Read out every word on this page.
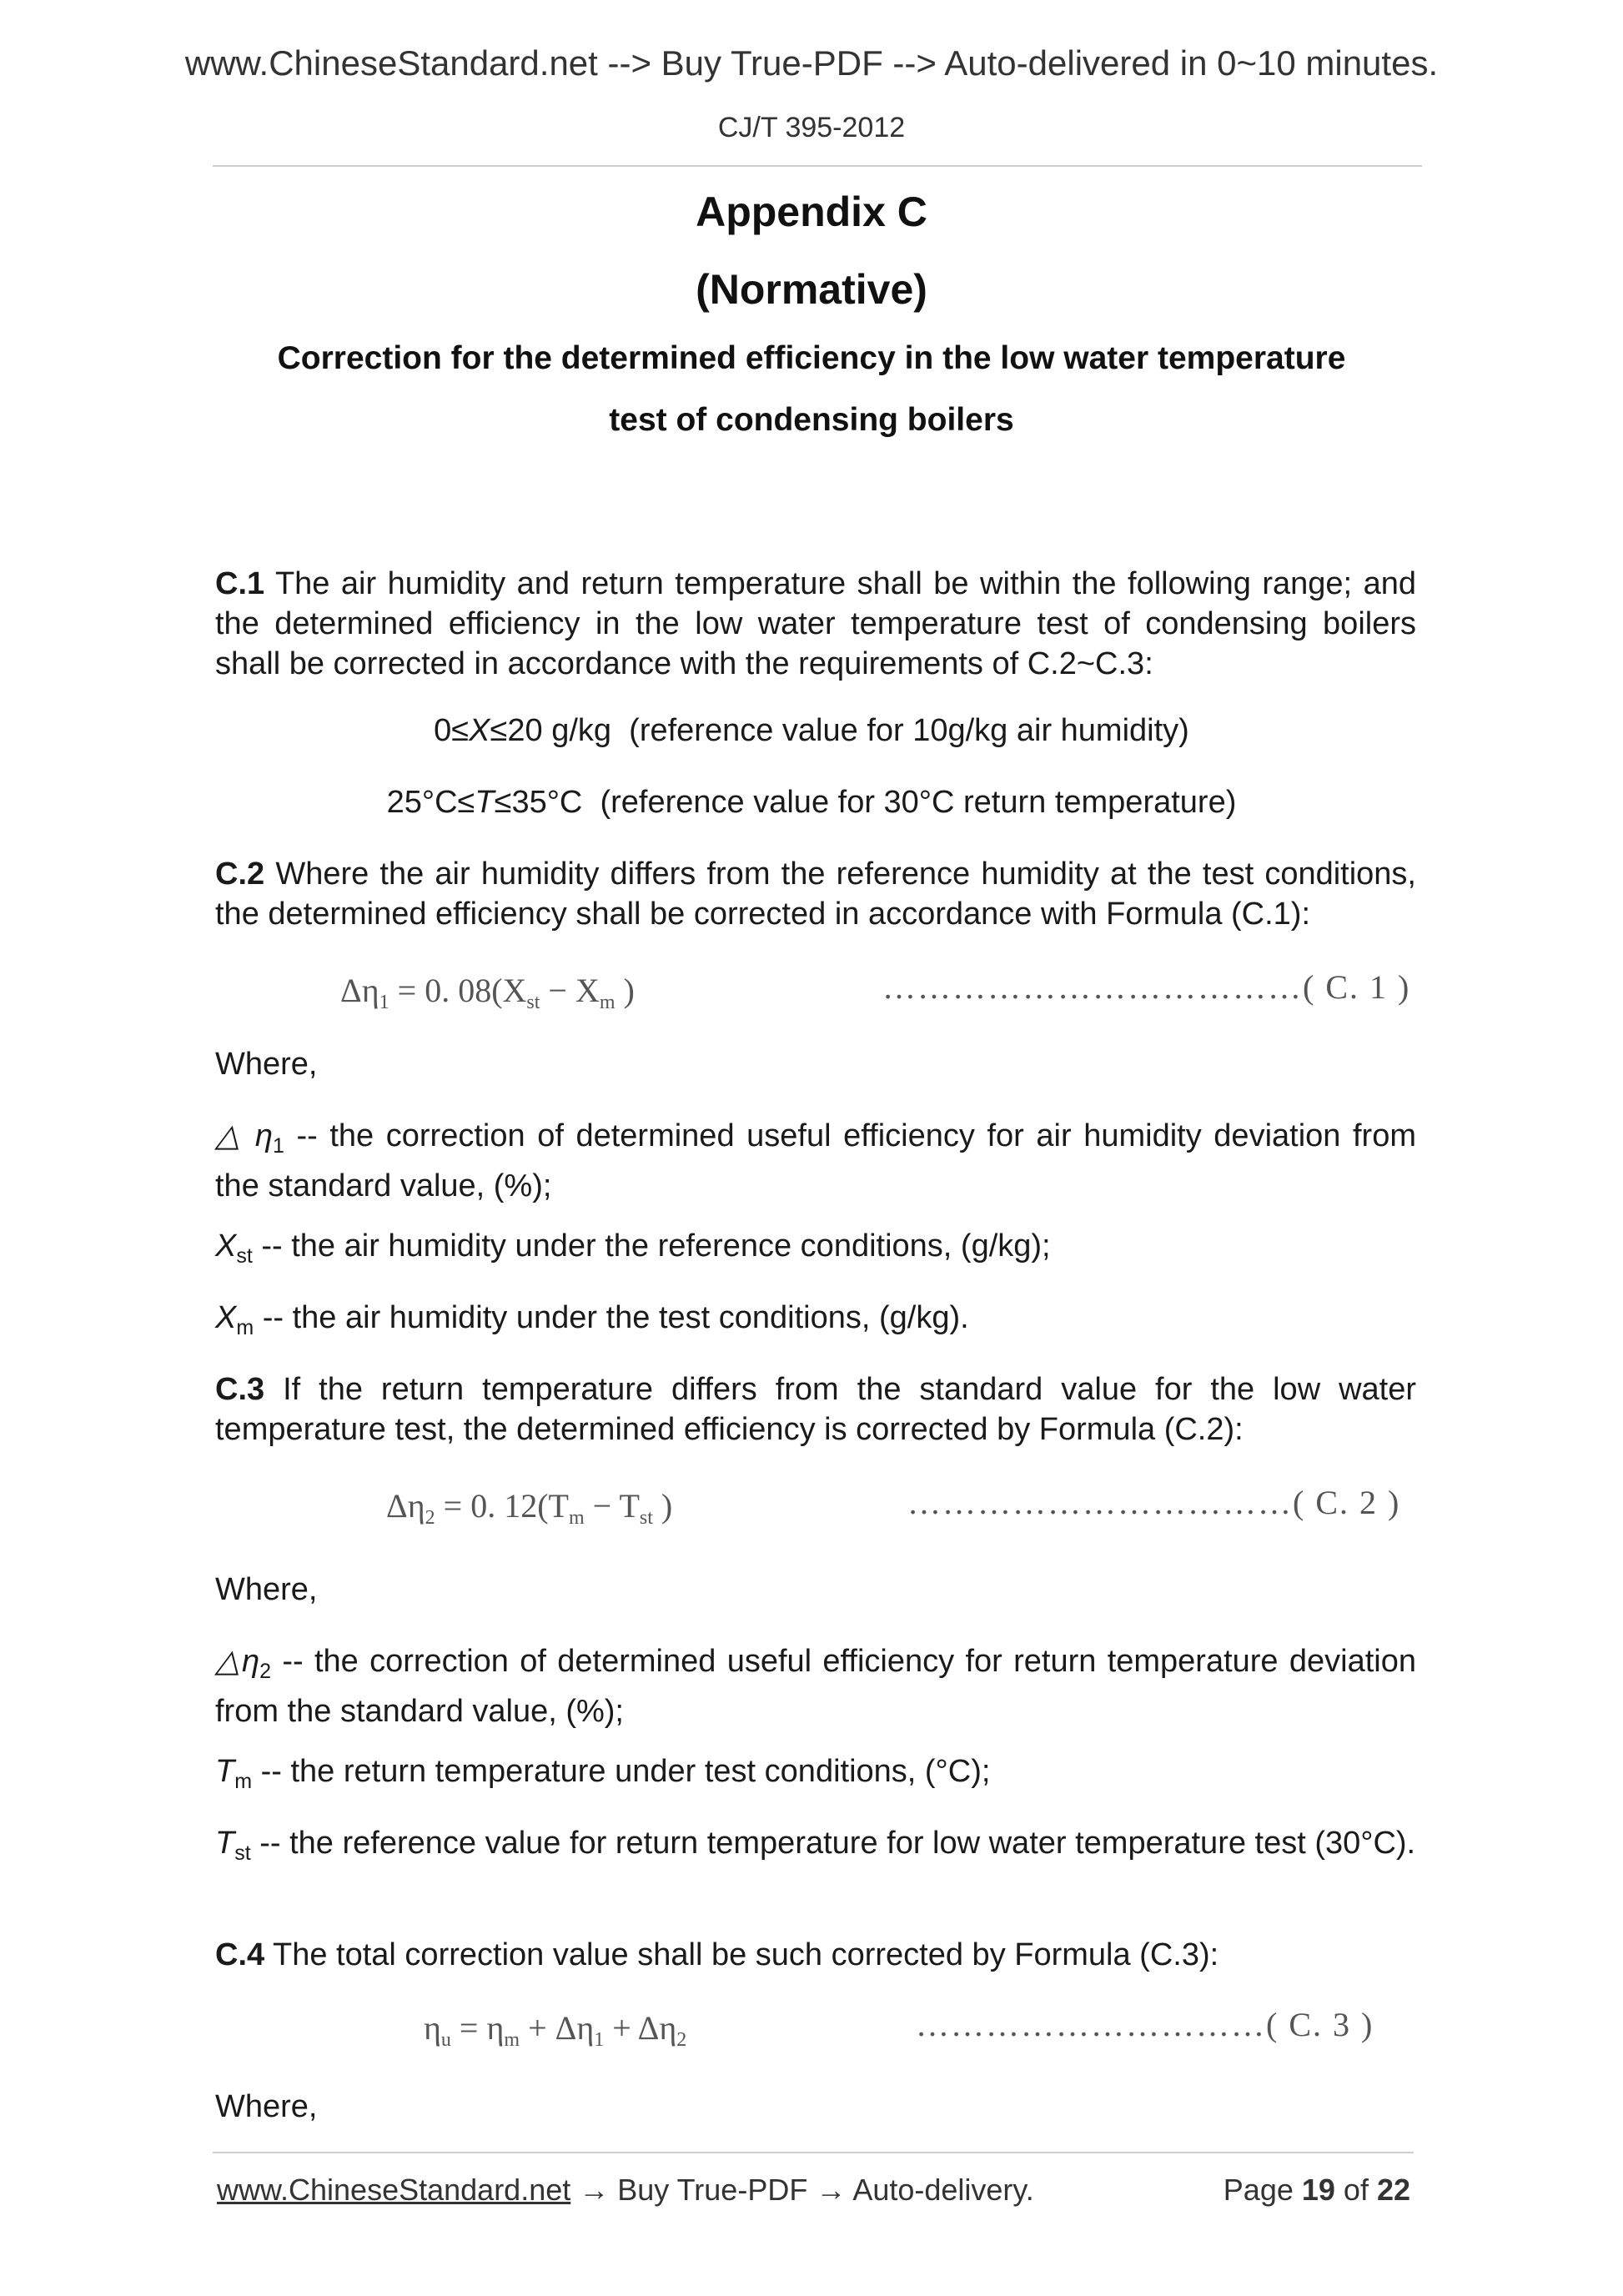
www.ChineseStandard.net --> Buy True-PDF --> Auto-delivered in 0~10 minutes.
CJ/T 395-2012
Appendix C
(Normative)
Correction for the determined efficiency in the low water temperature
test of condensing boilers
C.1 The air humidity and return temperature shall be within the following range; and the determined efficiency in the low water temperature test of condensing boilers shall be corrected in accordance with the requirements of C.2~C.3:
0≤X≤20 g/kg (reference value for 10g/kg air humidity)
25°C≤T≤35°C (reference value for 30°C return temperature)
C.2 Where the air humidity differs from the reference humidity at the test conditions, the determined efficiency shall be corrected in accordance with Formula (C.1):
$\Delta\eta_1 = 0$. $08(X_{st} - X_m$ )	………………………………( C. 1 )
Where,
△ $\eta_1$ -- the correction of determined useful efficiency for air humidity deviation from the standard value, (%);
$X_{st}$ -- the air humidity under the reference conditions, (g/kg);
$X_m$ -- the air humidity under the test conditions, (g/kg).
C.3 If the return temperature differs from the standard value for the low water temperature test, the determined efficiency is corrected by Formula (C.2):
$\Delta\eta_2 = 0$. $12(T_m - T_{st}$ )	……………………………( C. 2 )
Where,
$\triangle\eta_2$ -- the correction of determined useful efficiency for return temperature deviation from the standard value, (%);
$T_m$ -- the return temperature under test conditions, (°C);
$T_{st}$ -- the reference value for return temperature for low water temperature test (30°C).
C.4 The total correction value shall be such corrected by Formula (C.3):
$\eta_u = \eta_m + \Delta\eta_1 + \Delta\eta_2$	…………………………( C. 3 )
Where,
www.ChineseStandard.net → Buy True-PDF → Auto-delivery.	Page 19 of 22
